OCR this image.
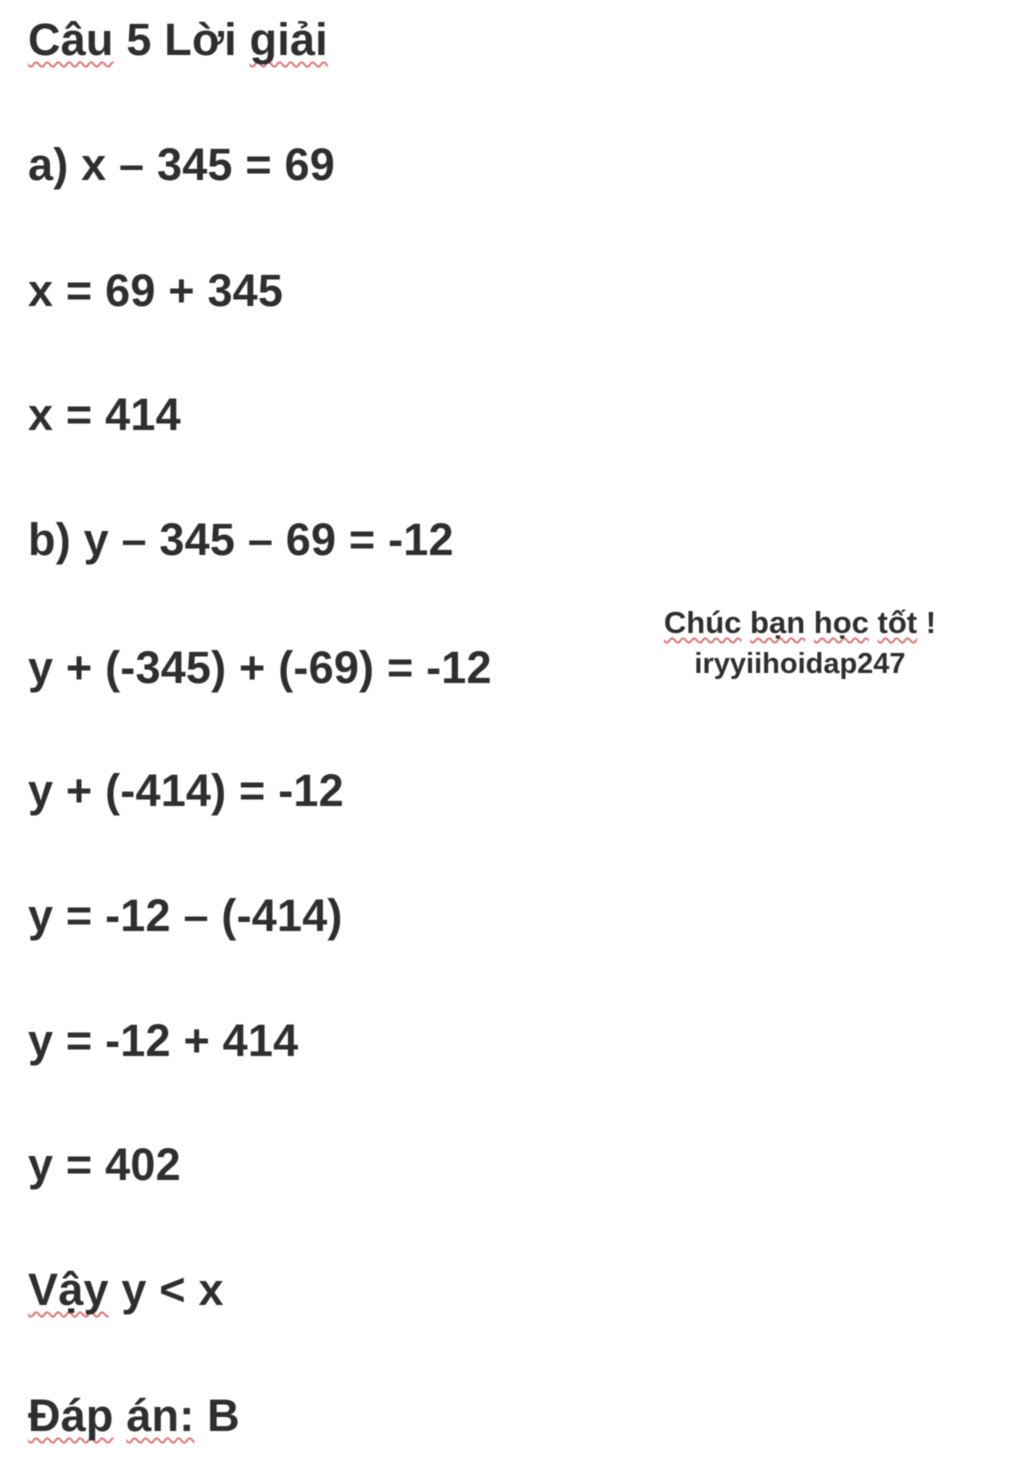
Câu 5 Lời giải
a) x – 345 = 69
x = 69 + 345
x = 414
b) y – 345 – 69 = -12
y + (-345) + (-69) = -12
y + (-414) = -12
y = -12 – (-414)
y = -12 + 414
y = 402
Vậy y < x
Đáp án: B
Chúc bạn học tốt !
iryyiihoidap247
